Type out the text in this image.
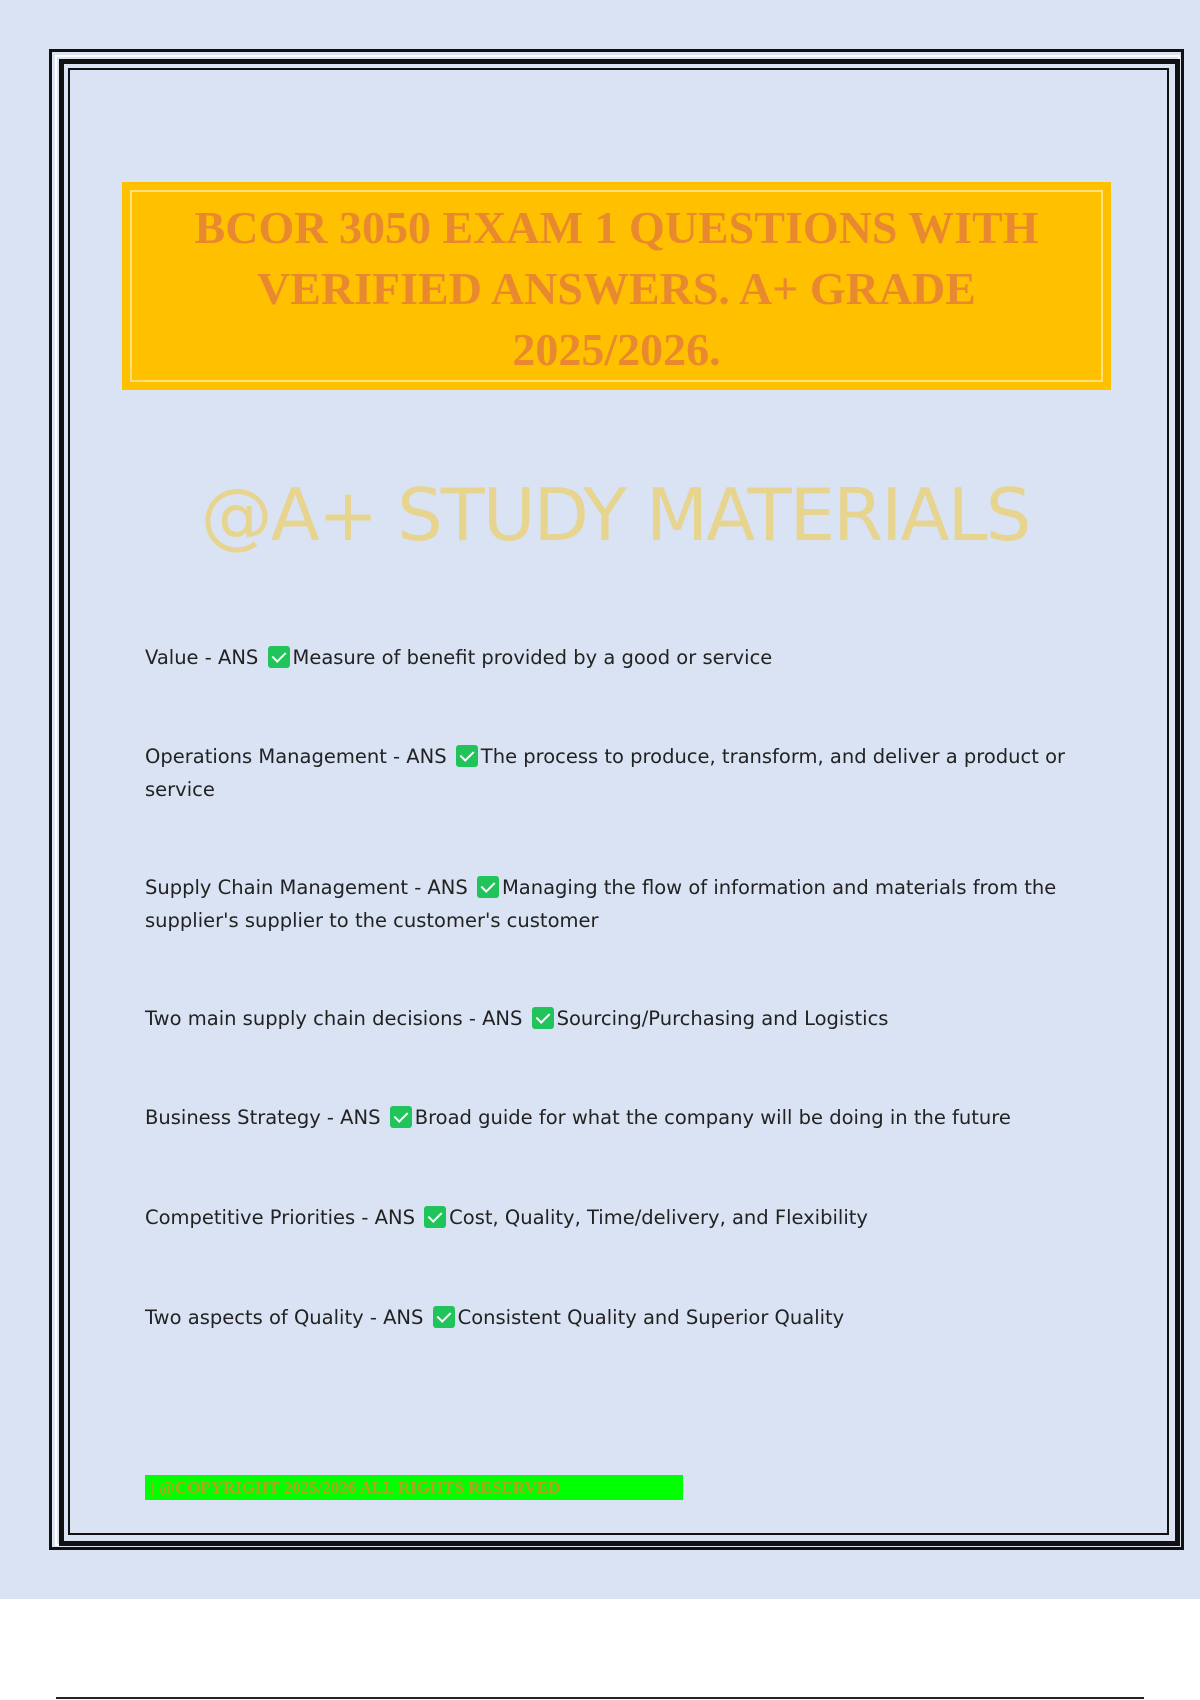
BCOR 3050 EXAM 1 QUESTIONS WITH
VERIFIED ANSWERS. A+ GRADE
2025/2026.
@A+ STUDY MATERIALS
Value - ANS Measure of benefit provided by a good or service
Operations Management - ANS The process to produce, transform, and deliver a product or service
Supply Chain Management - ANS Managing the flow of information and materials from the supplier's supplier to the customer's customer
Two main supply chain decisions - ANS Sourcing/Purchasing and Logistics
Business Strategy - ANS Broad guide for what the company will be doing in the future
Competitive Priorities - ANS Cost, Quality, Time/delivery, and Flexibility
Two aspects of Quality - ANS Consistent Quality and Superior Quality
| @COPYRIGHT 2025/2026 ALL RIGHTS RESERVED
